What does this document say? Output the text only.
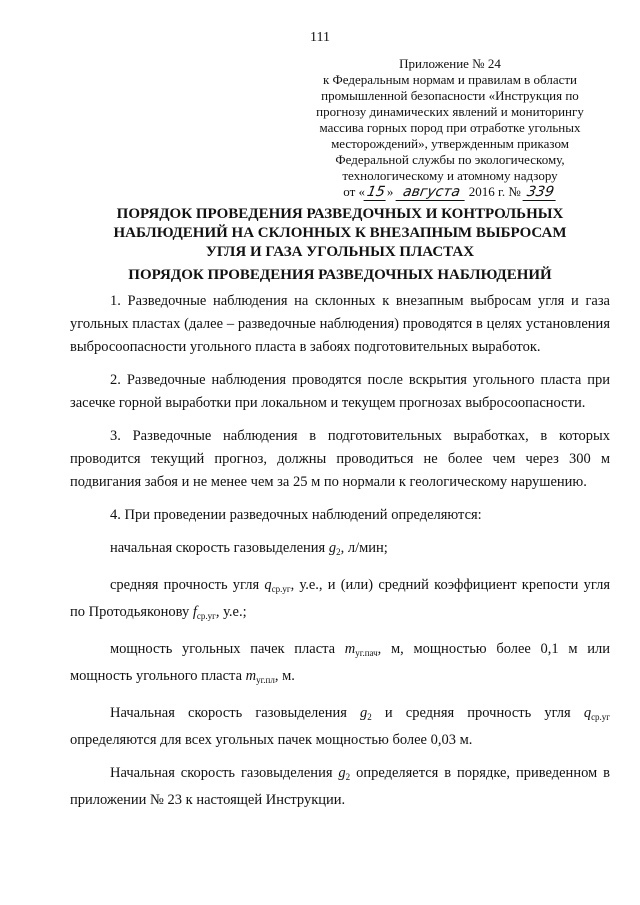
111
Приложение № 24
к Федеральным нормам и правилам в области
промышленной безопасности «Инструкция по
прогнозу динамических явлений и мониторингу
массива горных пород при отработке угольных
месторождений», утвержденным приказом
Федеральной службы по экологическому,
технологическому и атомному надзору
от «15» августа 2016 г. № 339
ПОРЯДОК ПРОВЕДЕНИЯ РАЗВЕДОЧНЫХ И КОНТРОЛЬНЫХ
НАБЛЮДЕНИЙ НА СКЛОННЫХ К ВНЕЗАПНЫМ ВЫБРОСАМ
УГЛЯ И ГАЗА УГОЛЬНЫХ ПЛАСТАХ
ПОРЯДОК ПРОВЕДЕНИЯ РАЗВЕДОЧНЫХ НАБЛЮДЕНИЙ

1. Разведочные наблюдения на склонных к внезапным выбросам угля и газа угольных пластах (далее – разведочные наблюдения) проводятся в целях установления выбросоопасности угольного пласта в забоях подготовительных выработок.

2. Разведочные наблюдения проводятся после вскрытия угольного пласта при засечке горной выработки при локальном и текущем прогнозах выбросоопасности.

3. Разведочные наблюдения в подготовительных выработках, в которых проводится текущий прогноз, должны проводиться не более чем через 300 м подвигания забоя и не менее чем за 25 м по нормали к геологическому нарушению.

4. При проведении разведочных наблюдений определяются:

начальная скорость газовыделения $g_2$, л/мин;

средняя прочность угля $q_{ср.уг}$, у.е., и (или) средний коэффициент крепости угля по Протодьяконову $f_{ср.уг}$, у.е.;

мощность угольных пачек пласта $m_{уг.пач}$, м, мощностью более 0,1 м или мощность угольного пласта $m_{уг.пл}$, м.

Начальная скорость газовыделения $g_2$ и средняя прочность угля $q_{ср.уг}$ определяются для всех угольных пачек мощностью более 0,03 м.

Начальная скорость газовыделения $g_2$ определяется в порядке, приведенном в приложении № 23 к настоящей Инструкции.
